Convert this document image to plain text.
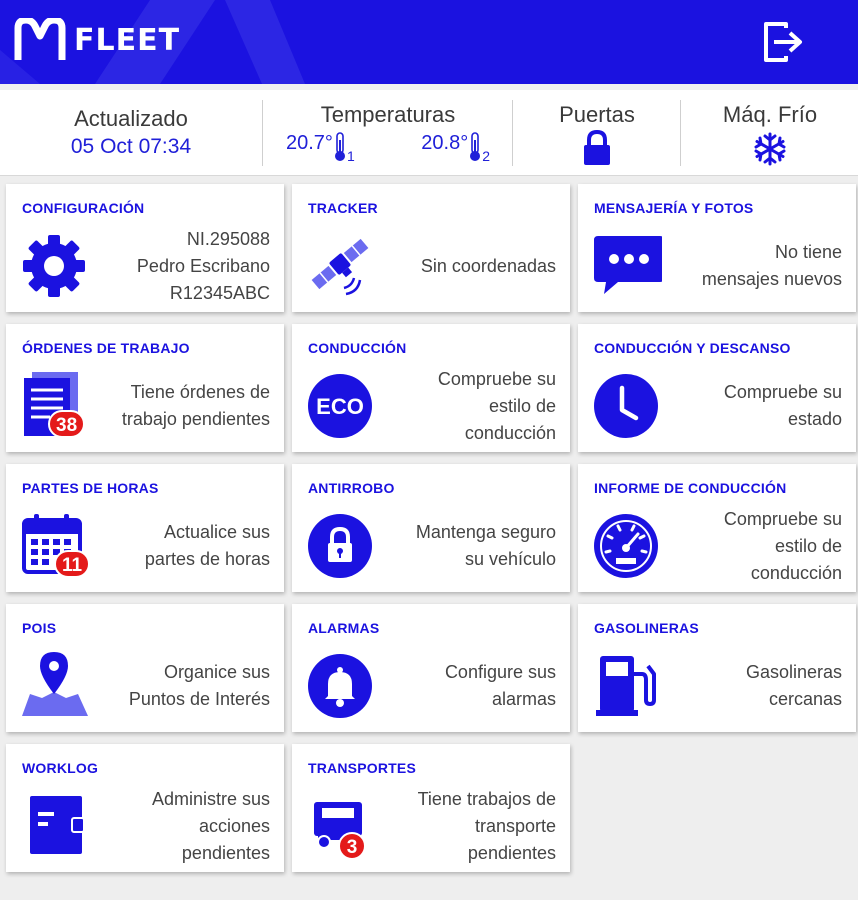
FLEET
Actualizado
05 Oct 07:34
Temperaturas
20.7°
$_1$
20.8°
$_2$
Puertas	Máq. Frío
CONFIGURACIÓN
NI.295088
Pedro Escribano
R12345ABC
TRACKER
Sin coordenadas
MENSAJERÍA Y FOTOS
No tiene
mensajes nuevos
ÓRDENES DE TRABAJO
38
Tiene órdenes de
trabajo pendientes
CONDUCCIÓN
ECO
Compruebe su
estilo de
conducción
CONDUCCIÓN Y DESCANSO
Compruebe su
estado
PARTES DE HORAS
11
Actualice sus
partes de horas
ANTIRROBO
Mantenga seguro
su vehículo
INFORME DE CONDUCCIÓN
Compruebe su
estilo de
conducción
POIS
Organice sus
Puntos de Interés
ALARMAS
Configure sus
alarmas
GASOLINERAS
Gasolineras
cercanas
WORKLOG
Administre sus
acciones
pendientes
TRANSPORTES
3
Tiene trabajos de
transporte
pendientes
